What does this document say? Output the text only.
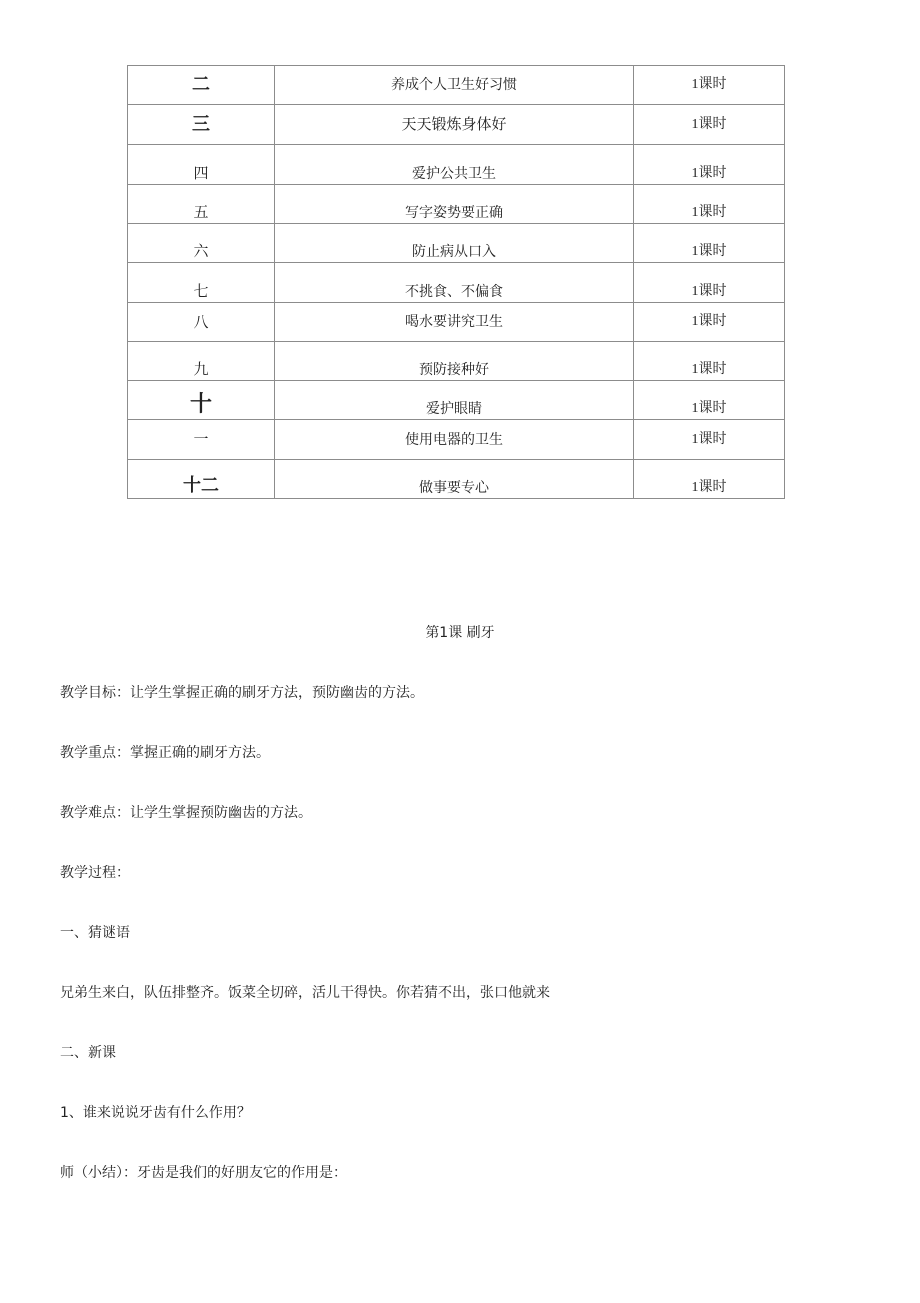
二	养成个人卫生好习惯	1课时
三	天天锻炼身体好	1课时
四	爱护公共卫生	1课时
五	写字姿势要正确	1课时
六	防止病从口入	1课时
七	不挑食、不偏食	1课时
八	喝水要讲究卫生	1课时
九	预防接种好	1课时
十	爱护眼睛	1课时
一	使用电器的卫生	1课时
十二	做事要专心	1课时
第1课 刷牙
教学目标：让学生掌握正确的刷牙方法，预防幽齿的方法。
教学重点：掌握正确的刷牙方法。
教学难点：让学生掌握预防幽齿的方法。
教学过程：
一、猜谜语
兄弟生来白，队伍排整齐。饭菜全切碎，活儿干得快。你若猜不出，张口他就来
二、新课
1、谁来说说牙齿有什么作用？
师（小结）：牙齿是我们的好朋友它的作用是：
